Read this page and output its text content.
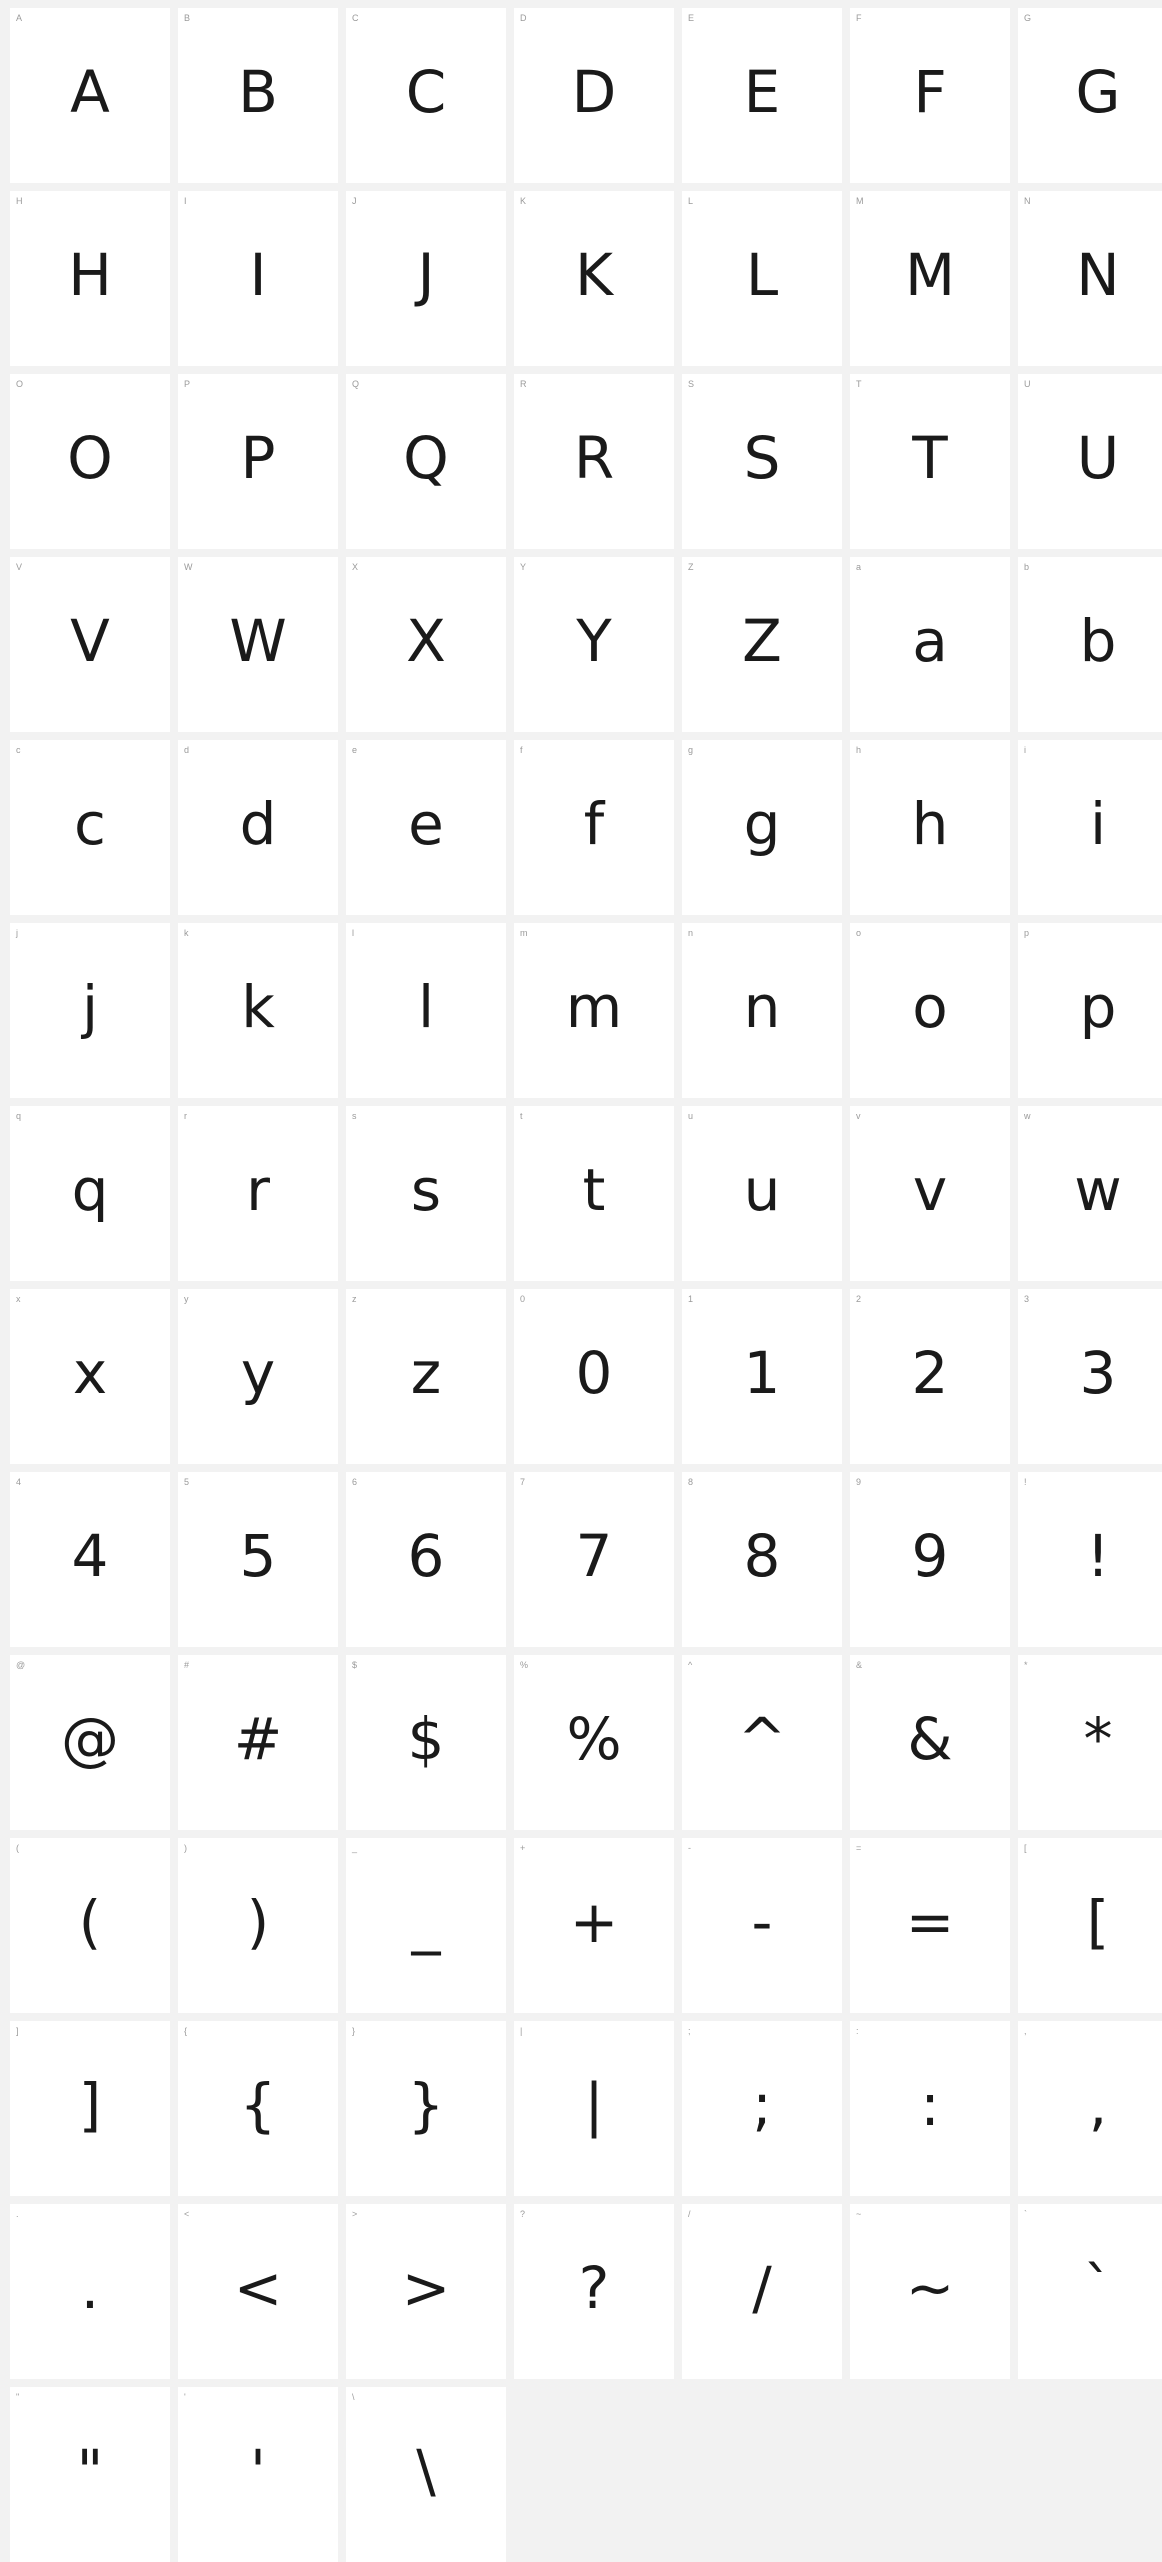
A
A
B
B
C
C
D
D
E
E
F
F
G
G
H
H
I
I
J
J
K
K
L
L
M
M
N
N
O
O
P
P
Q
Q
R
R
S
S
T
T
U
U
V
V
W
W
X
X
Y
Y
Z
Z
a
a
b
b
c
c
d
d
e
e
f
f
g
g
h
h
i
i
j
j
k
k
l
l
m
m
n
n
o
o
p
p
q
q
r
r
s
s
t
t
u
u
v
v
w
w
x
x
y
y
z
z
0
0
1
1
2
2
3
3
4
4
5
5
6
6
7
7
8
8
9
9
!
!
@
@
#
#
$
$
%
%
^
^
&
&
*
*
(
(
)
)
_
_
+
+
-
-
=
=
[
[
]
]
{
{
}
}
|
|
;
;
:
:
,
,
.
.
<
<
>
>
?
?
/
/
~
~
`
`
"
"
'
'
\
\
